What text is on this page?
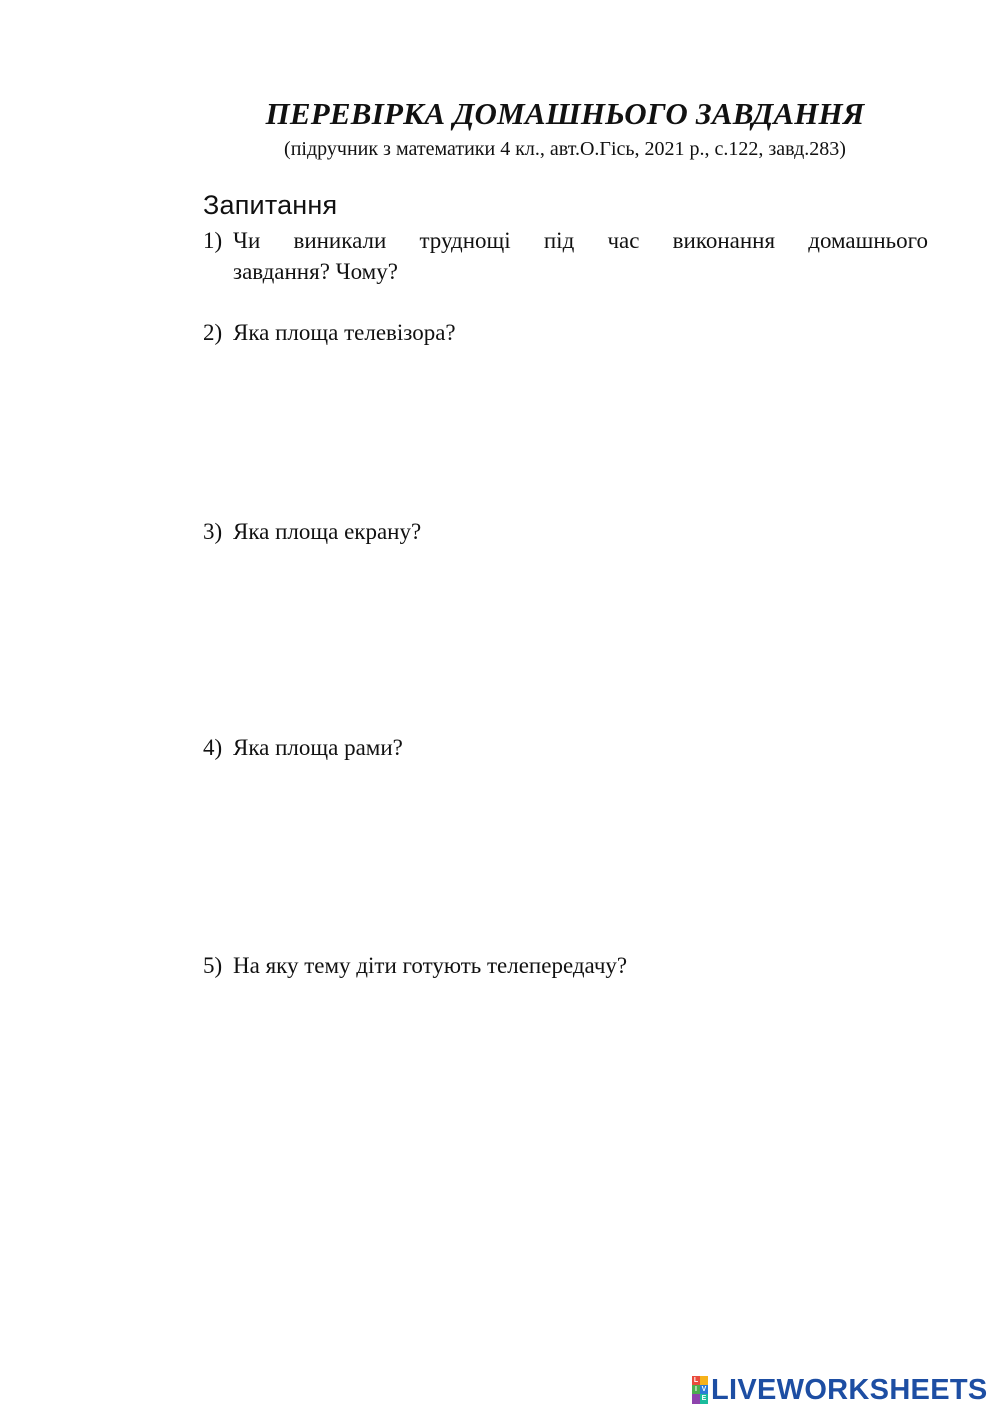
ПЕРЕВІРКА ДОМАШНЬОГО ЗАВДАННЯ

(підручник з математики 4 кл., авт.О.Гісь, 2021 р., с.122, завд.283)

Запитання
1) Чи виникали труднощі під час виконання домашнього
завдання? Чому?
2) Яка площа телевізора?
3) Яка площа екрану?
4) Яка площа рами?
5) На яку тему діти готують телепередачу?
L
I V
E LIVEWORKSHEETS
